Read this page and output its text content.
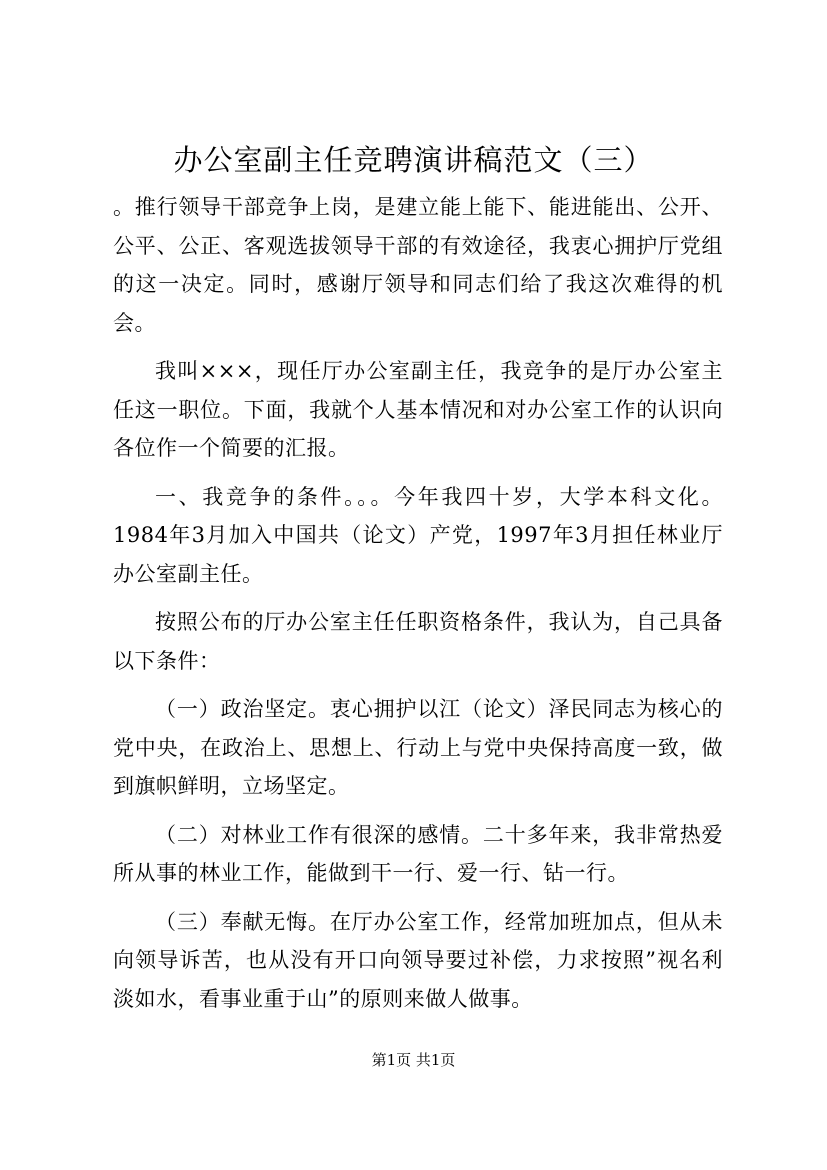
办公室副主任竞聘演讲稿范文（三）

。推行领导干部竞争上岗，是建立能上能下、能进能出、公开、公平、公正、客观选拔领导干部的有效途径，我衷心拥护厅党组的这一决定。同时，感谢厅领导和同志们给了我这次难得的机会。

我叫×××，现任厅办公室副主任，我竞争的是厅办公室主任这一职位。下面，我就个人基本情况和对办公室工作的认识向各位作一个简要的汇报。

一、我竞争的条件。。。今年我四十岁，大学本科文化。1984年3月加入中国共（论文）产党，1997年3月担任林业厅办公室副主任。

按照公布的厅办公室主任任职资格条件，我认为，自己具备以下条件：

（一）政治坚定。衷心拥护以江（论文）泽民同志为核心的党中央，在政治上、思想上、行动上与党中央保持高度一致，做到旗帜鲜明，立场坚定。

（二）对林业工作有很深的感情。二十多年来，我非常热爱所从事的林业工作，能做到干一行、爱一行、钻一行。

（三）奉献无悔。在厅办公室工作，经常加班加点，但从未向领导诉苦，也从没有开口向领导要过补偿，力求按照”视名利淡如水，看事业重于山”的原则来做人做事。

第1页 共1页
